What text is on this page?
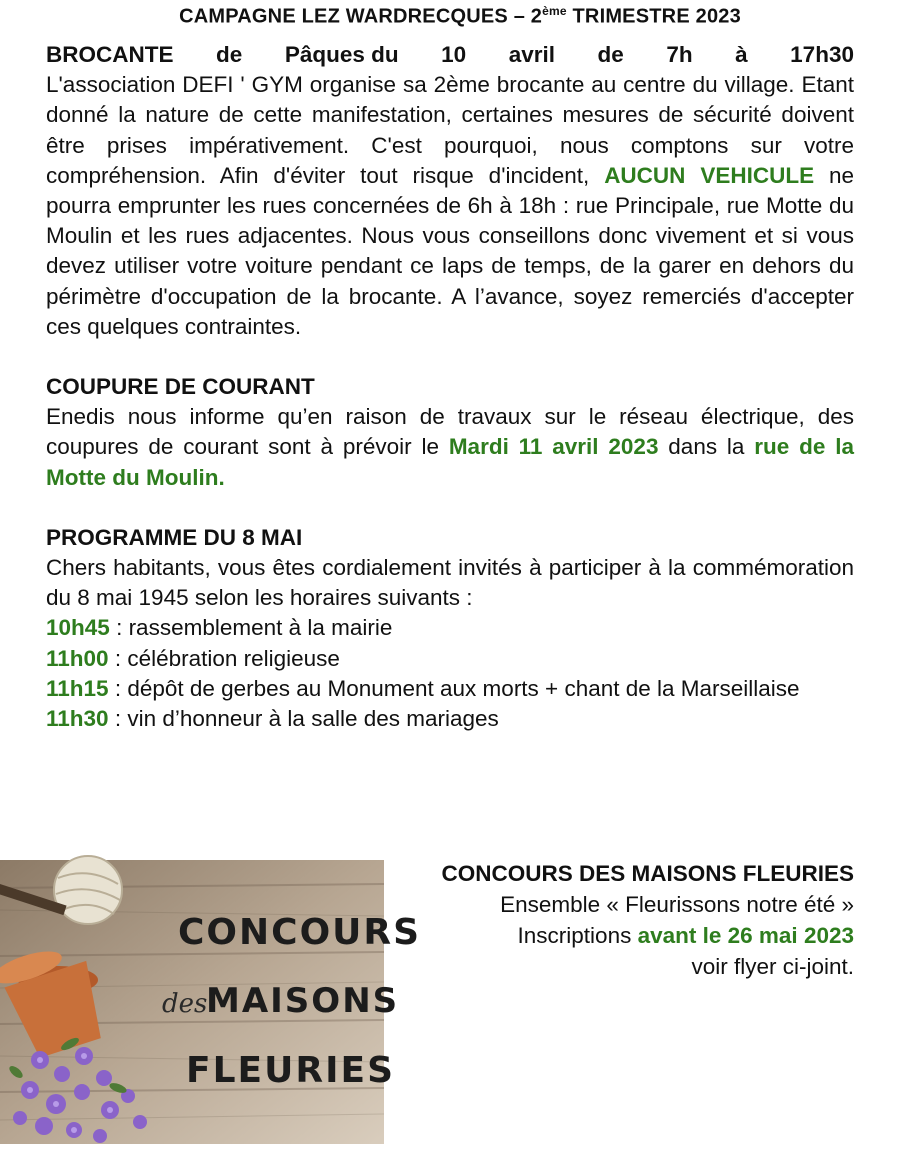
CAMPAGNE LEZ WARDRECQUES – 2ème TRIMESTRE 2023
BROCANTE de Pâques du 10 avril de 7h à 17h30
L'association DEFI ' GYM organise sa 2ème brocante au centre du village. Etant donné la nature de cette manifestation, certaines mesures de sécurité doivent être prises impérativement. C'est pourquoi, nous comptons sur votre compréhension. Afin d'éviter tout risque d'incident, AUCUN VEHICULE ne pourra emprunter les rues concernées de 6h à 18h : rue Principale, rue Motte du Moulin et les rues adjacentes. Nous vous conseillons donc vivement et si vous devez utiliser votre voiture pendant ce laps de temps, de la garer en dehors du périmètre d'occupation de la brocante. A l’avance, soyez remerciés d'accepter ces quelques contraintes.
COUPURE DE COURANT
Enedis nous informe qu’en raison de travaux sur le réseau électrique, des coupures de courant sont à prévoir le Mardi 11 avril 2023 dans la rue de la Motte du Moulin.
PROGRAMME DU 8 MAI
Chers habitants, vous êtes cordialement invités à participer à la commémoration du 8 mai 1945 selon les horaires suivants :
10h45 : rassemblement à la mairie
11h00 : célébration religieuse
11h15 : dépôt de gerbes au Monument aux morts + chant de la Marseillaise
11h30 : vin d’honneur à la salle des mariages
CONCOURS
des
MAISONS
FLEURIES
CONCOURS DES MAISONS FLEURIES
Ensemble « Fleurissons notre été »
Inscriptions avant le 26 mai 2023
voir flyer ci-joint.
